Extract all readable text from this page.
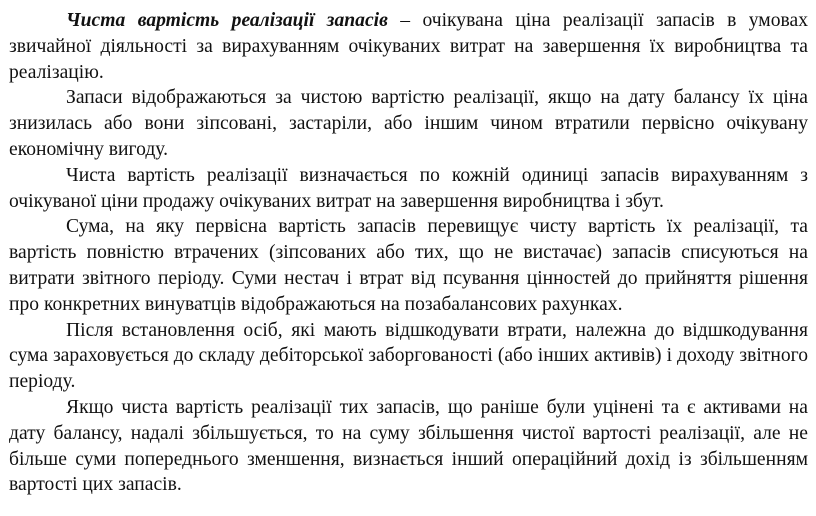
Чиста вартість реалізації запасів – очікувана ціна реалізації запасів в умовах звичайної діяльності за вирахуванням очікуваних витрат на завершення їх виробництва та реалізацію.

Запаси відображаються за чистою вартістю реалізації, якщо на дату балансу їх ціна знизилась або вони зіпсовані, застаріли, або іншим чином втратили первісно очікувану економічну вигоду.

Чиста вартість реалізації визначається по кожній одиниці запасів вирахуванням з очікуваної ціни продажу очікуваних витрат на завершення виробництва і збут.

Сума, на яку первісна вартість запасів перевищує чисту вартість їх реалізації, та вартість повністю втрачених (зіпсованих або тих, що не вистачає) запасів списуються на витрати звітного періоду. Суми нестач і втрат від псування цінностей до прийняття рішення про конкретних винуватців відображаються на позабалансових рахунках.

Після встановлення осіб, які мають відшкодувати втрати, належна до відшкодування сума зараховується до складу дебіторської заборгованості (або інших активів) і доходу звітного періоду.

Якщо чиста вартість реалізації тих запасів, що раніше були уцінені та є активами на дату балансу, надалі збільшується, то на суму збільшення чистої вартості реалізації, але не більше суми попереднього зменшення, визнається інший операційний дохід із збільшенням вартості цих запасів.
